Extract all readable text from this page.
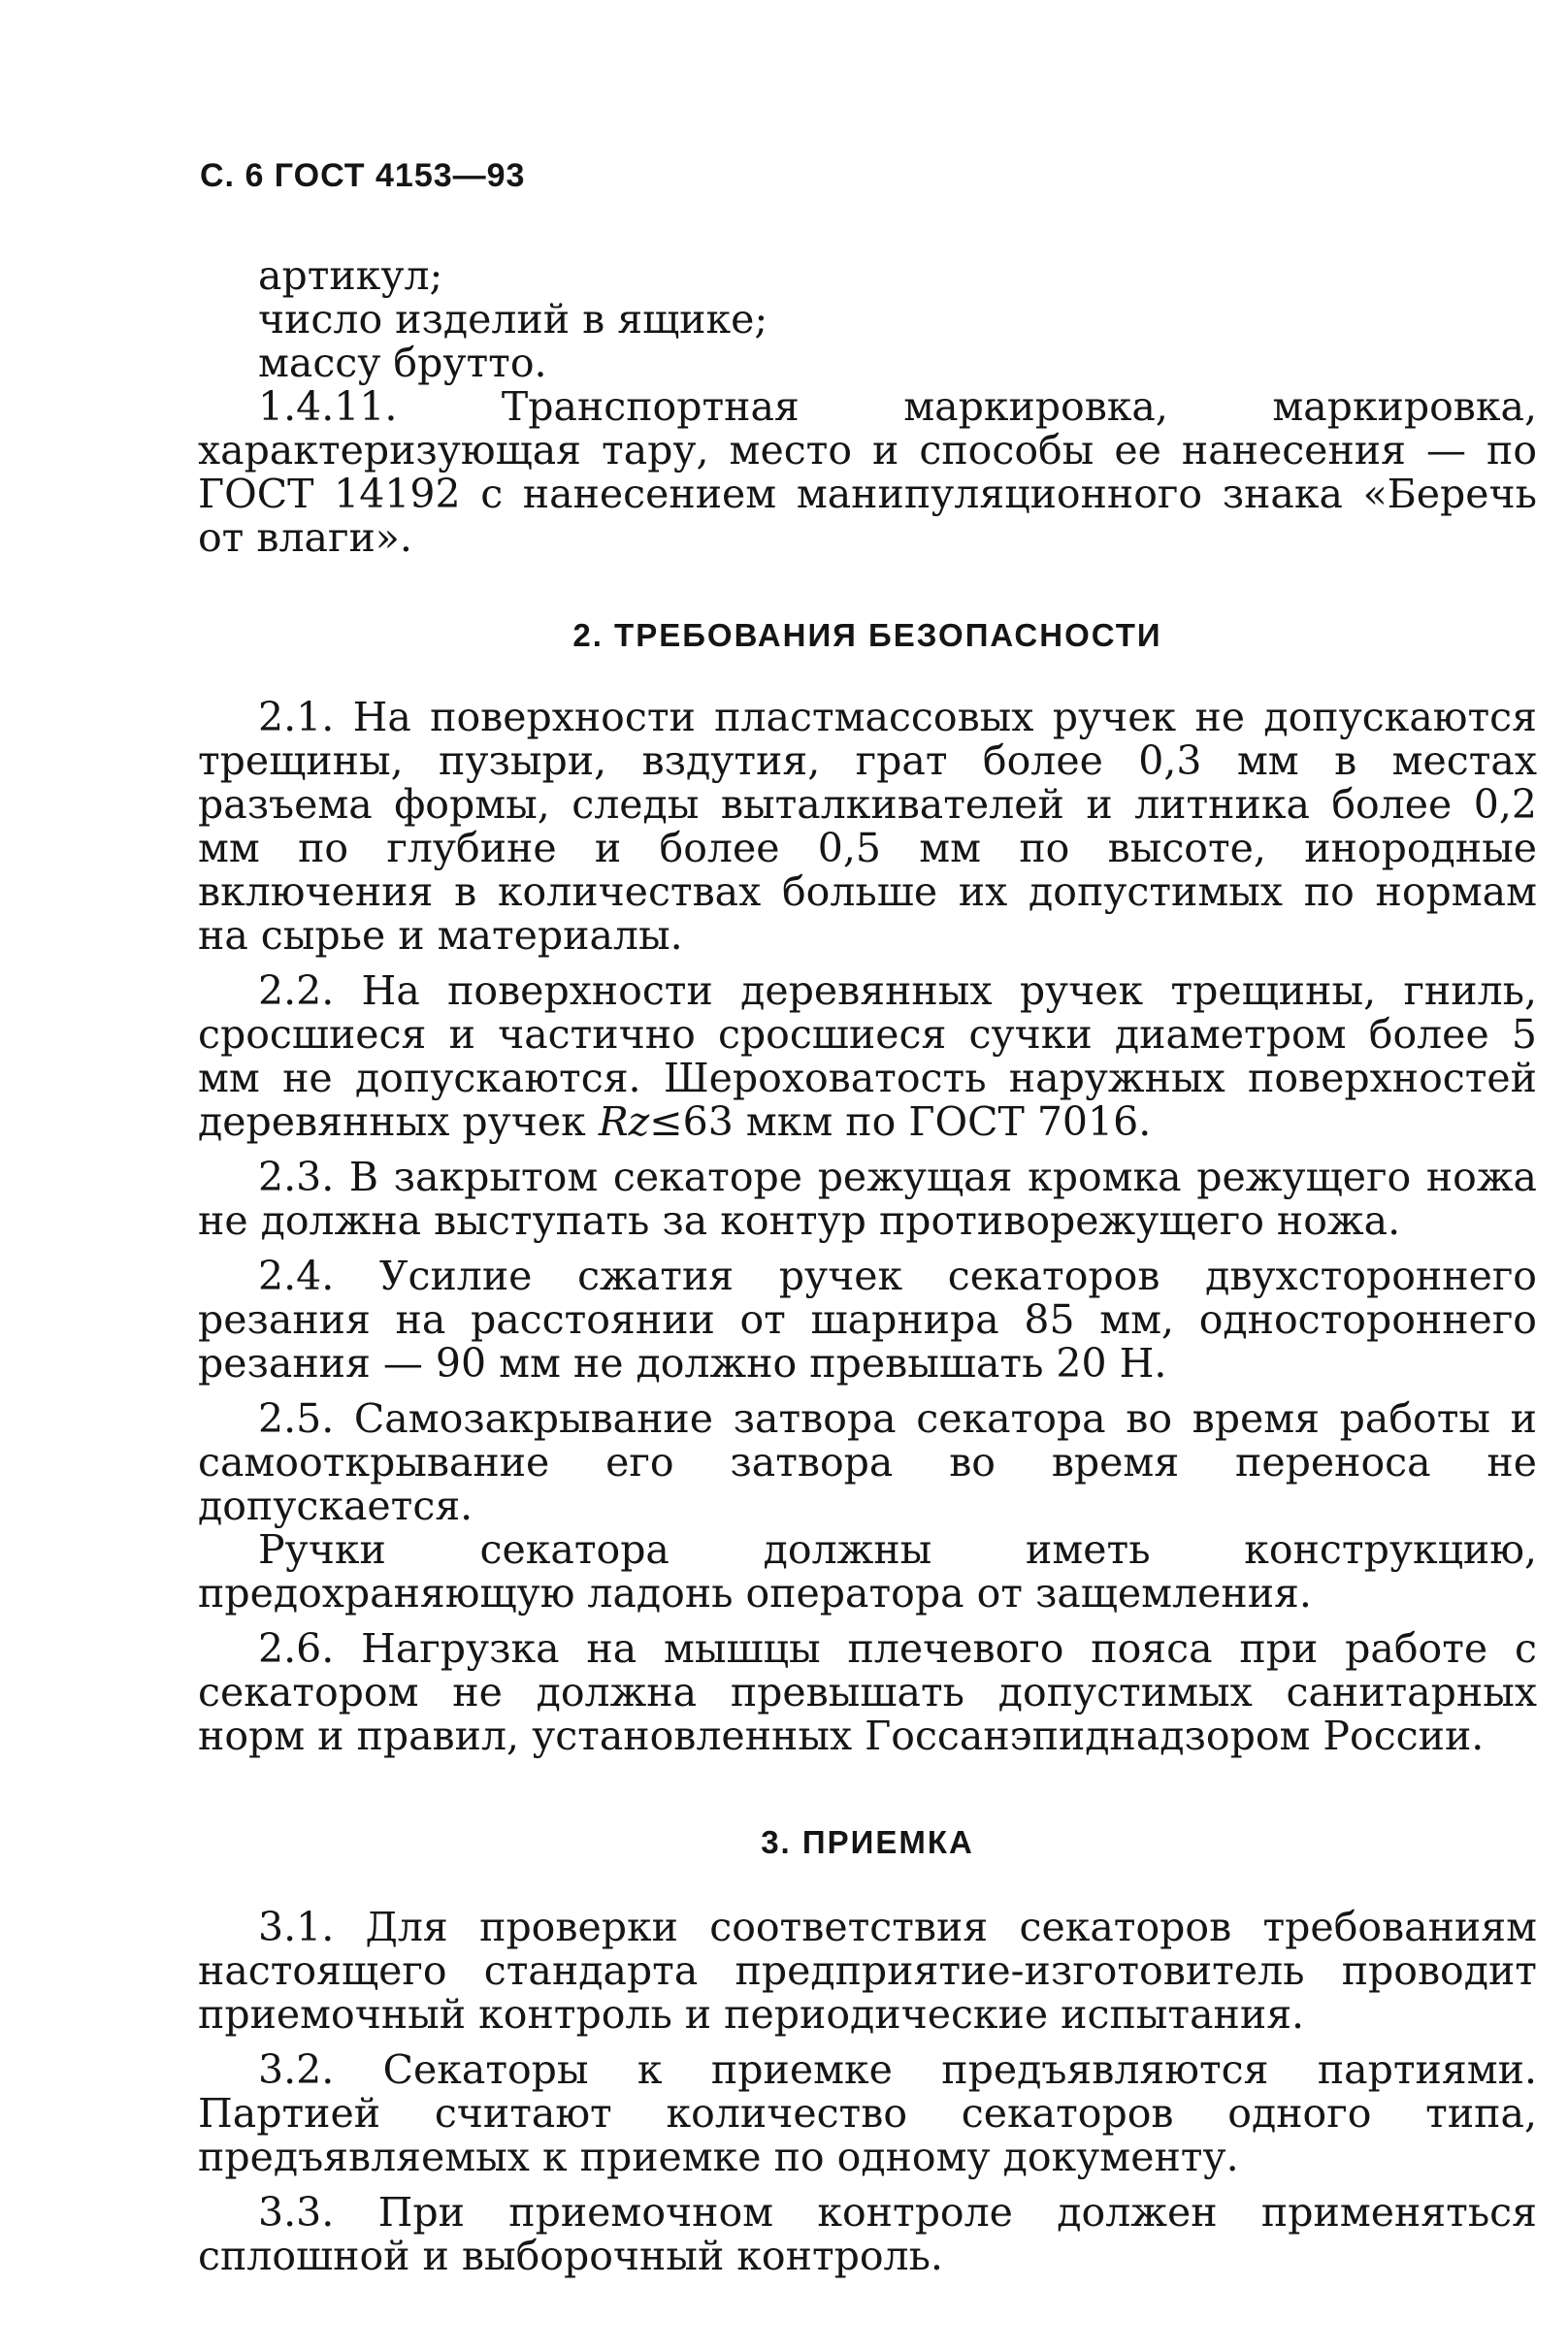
С. 6 ГОСТ 4153—93

артикул;

число изделий в ящике;

массу брутто.

1.4.11. Транспортная маркировка, маркировка, характеризующая тару, место и способы ее нанесения — по ГОСТ 14192 с нанесением манипуляционного знака «Беречь от влаги».

2. ТРЕБОВАНИЯ БЕЗОПАСНОСТИ

2.1. На поверхности пластмассовых ручек не допускаются трещины, пузыри, вздутия, грат более 0,3 мм в местах разъема формы, следы выталкивателей и литника более 0,2 мм по глубине и более 0,5 мм по высоте, инородные включения в количествах больше их допустимых по нормам на сырье и материалы.

2.2. На поверхности деревянных ручек трещины, гниль, сросшиеся и частично сросшиеся сучки диаметром более 5 мм не допускаются. Шероховатость наружных поверхностей деревянных ручек Rz≤63 мкм по ГОСТ 7016.

2.3. В закрытом секаторе режущая кромка режущего ножа не должна выступать за контур противорежущего ножа.

2.4. Усилие сжатия ручек секаторов двухстороннего резания на расстоянии от шарнира 85 мм, одностороннего резания — 90 мм не должно превышать 20 Н.

2.5. Самозакрывание затвора секатора во время работы и самооткрывание его затвора во время переноса не допускается.

Ручки секатора должны иметь конструкцию, предохраняющую ладонь оператора от защемления.

2.6. Нагрузка на мышцы плечевого пояса при работе с секатором не должна превышать допустимых санитарных норм и правил, установленных Госсанэпиднадзором России.

3. ПРИЕМКА

3.1. Для проверки соответствия секаторов требованиям настоящего стандарта предприятие-изготовитель проводит приемочный контроль и периодические испытания.

3.2. Секаторы к приемке предъявляются партиями. Партией считают количество секаторов одного типа, предъявляемых к приемке по одному документу.

3.3. При приемочном контроле должен применяться сплошной и выборочный контроль.
